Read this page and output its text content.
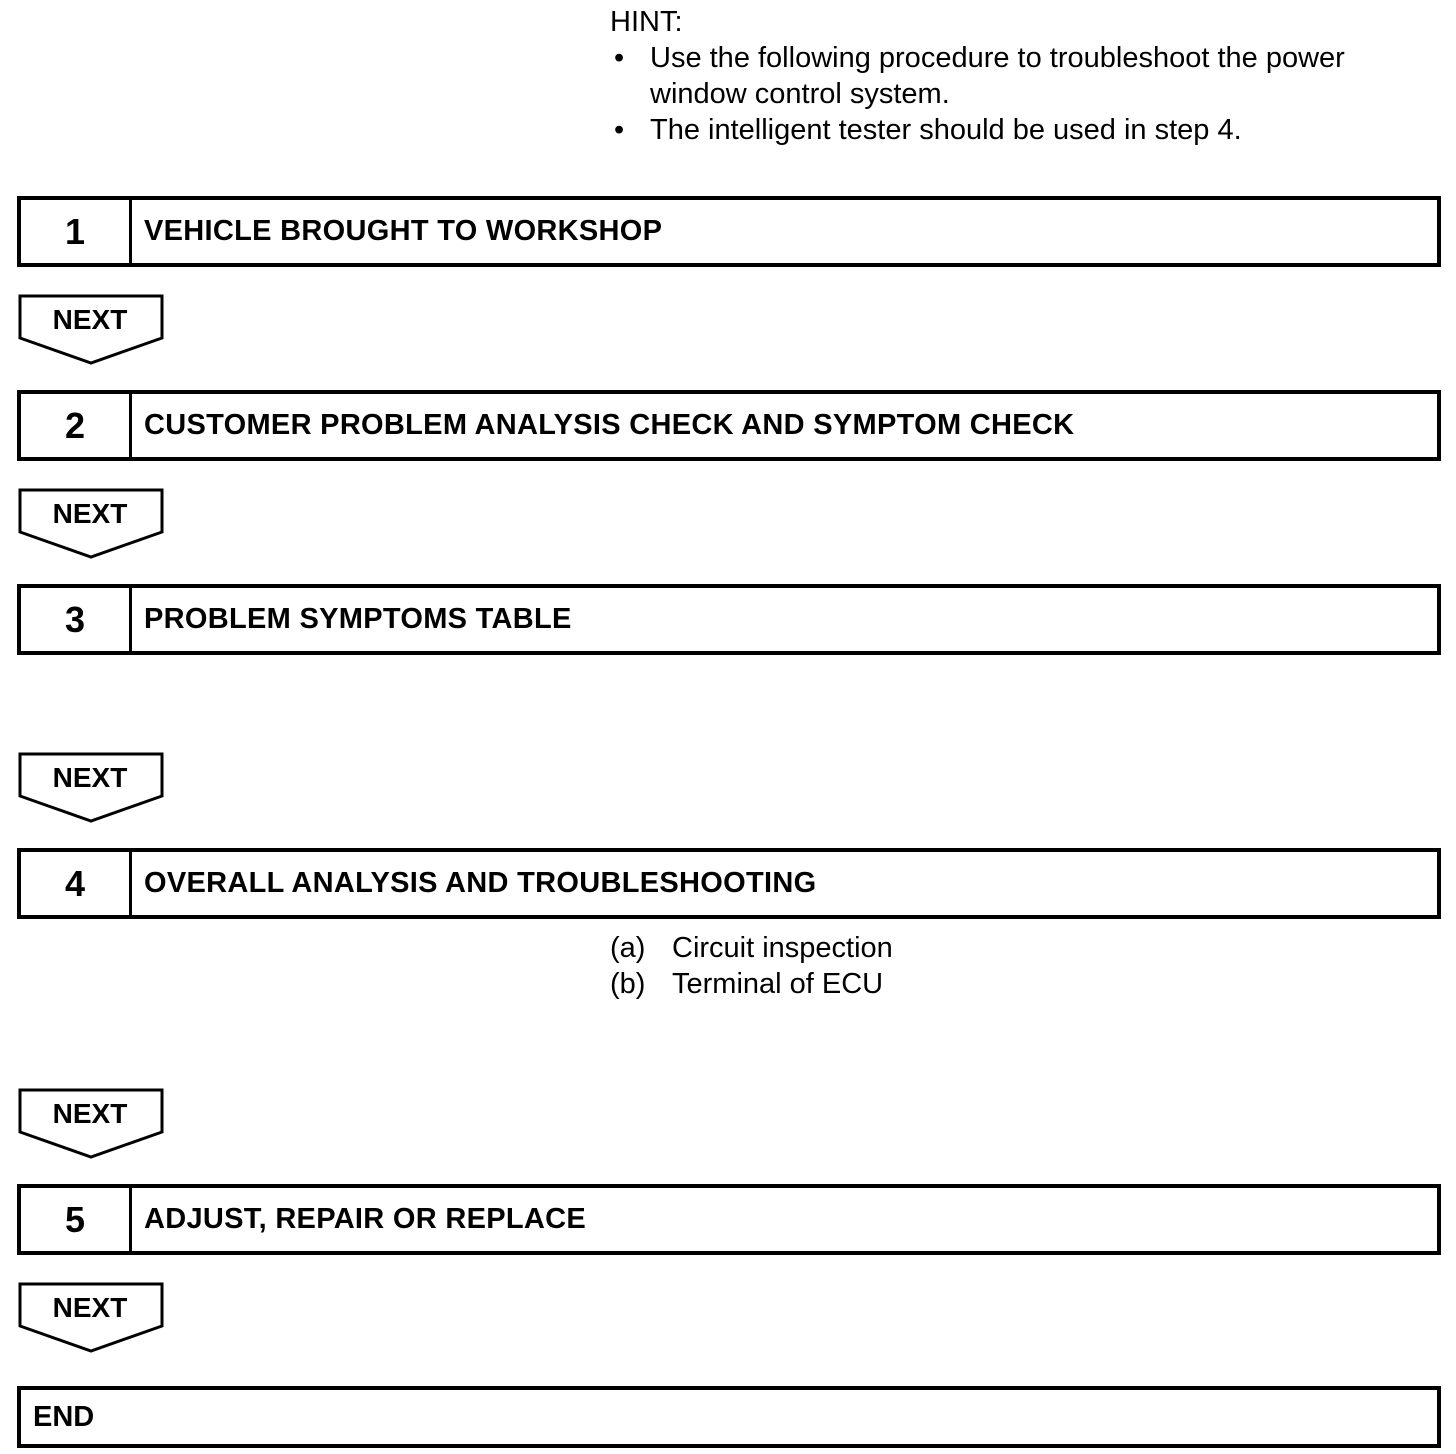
HINT:
• Use the following procedure to troubleshoot the power window control system.
• The intelligent tester should be used in step 4.
1	VEHICLE BROUGHT TO WORKSHOP
NEXT
2	CUSTOMER PROBLEM ANALYSIS CHECK AND SYMPTOM CHECK
NEXT
3	PROBLEM SYMPTOMS TABLE
NEXT
4	OVERALL ANALYSIS AND TROUBLESHOOTING
(a) Circuit inspection
(b) Terminal of ECU
NEXT
5	ADJUST, REPAIR OR REPLACE
NEXT
END
